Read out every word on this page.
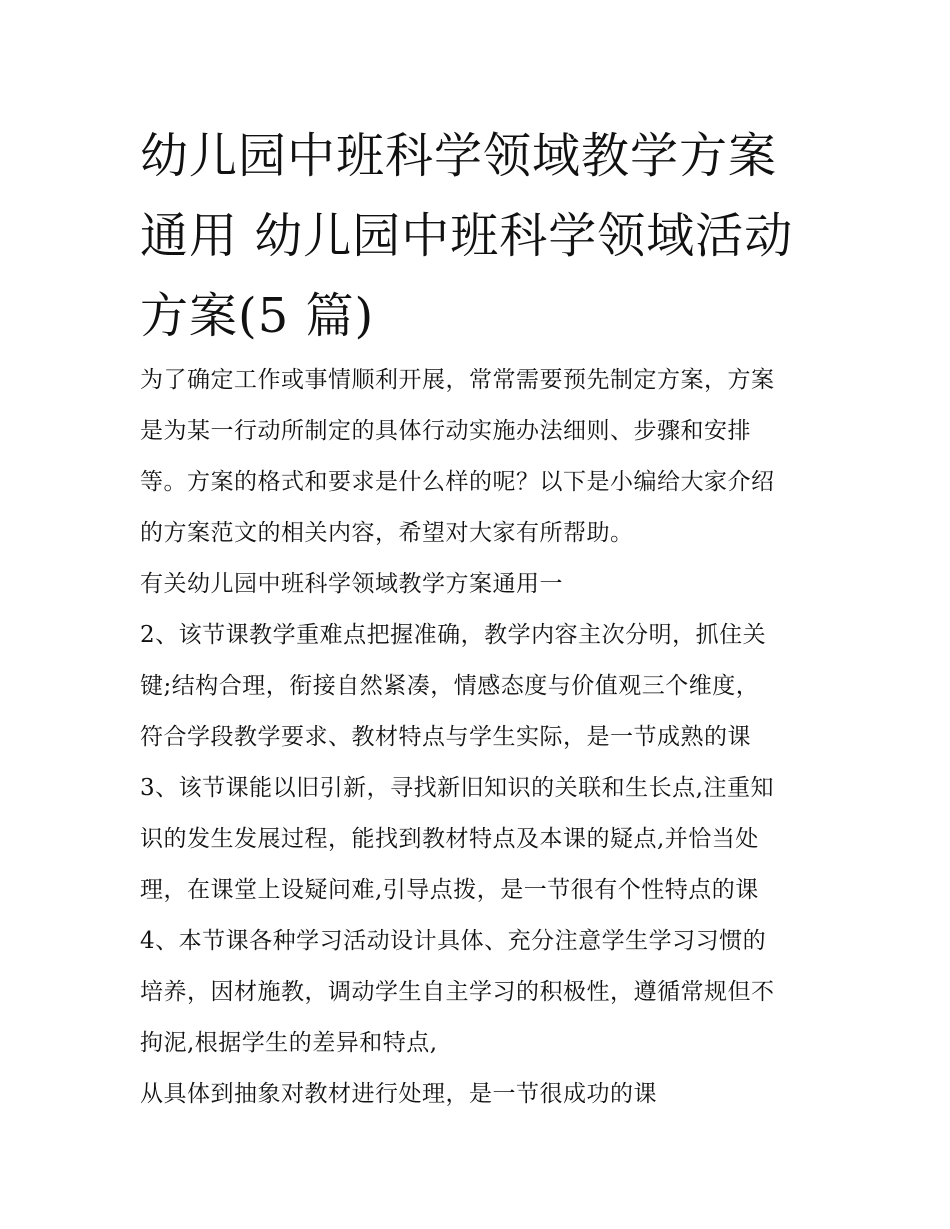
幼儿园中班科学领域教学方案
通用 幼儿园中班科学领域活动
方案(5 篇)
为了确定工作或事情顺利开展，常常需要预先制定方案，方案
是为某一行动所制定的具体行动实施办法细则、步骤和安排
等。方案的格式和要求是什么样的呢？以下是小编给大家介绍
的方案范文的相关内容，希望对大家有所帮助。
有关幼儿园中班科学领域教学方案通用一
2、该节课教学重难点把握准确，教学内容主次分明，抓住关
键;结构合理，衔接自然紧凑，情感态度与价值观三个维度，
符合学段教学要求、教材特点与学生实际，是一节成熟的课
3、该节课能以旧引新，寻找新旧知识的关联和生长点,注重知
识的发生发展过程，能找到教材特点及本课的疑点,并恰当处
理，在课堂上设疑问难,引导点拨，是一节很有个性特点的课
4、本节课各种学习活动设计具体、充分注意学生学习习惯的
培养，因材施教，调动学生自主学习的积极性，遵循常规但不
拘泥,根据学生的差异和特点,
从具体到抽象对教材进行处理，是一节很成功的课
